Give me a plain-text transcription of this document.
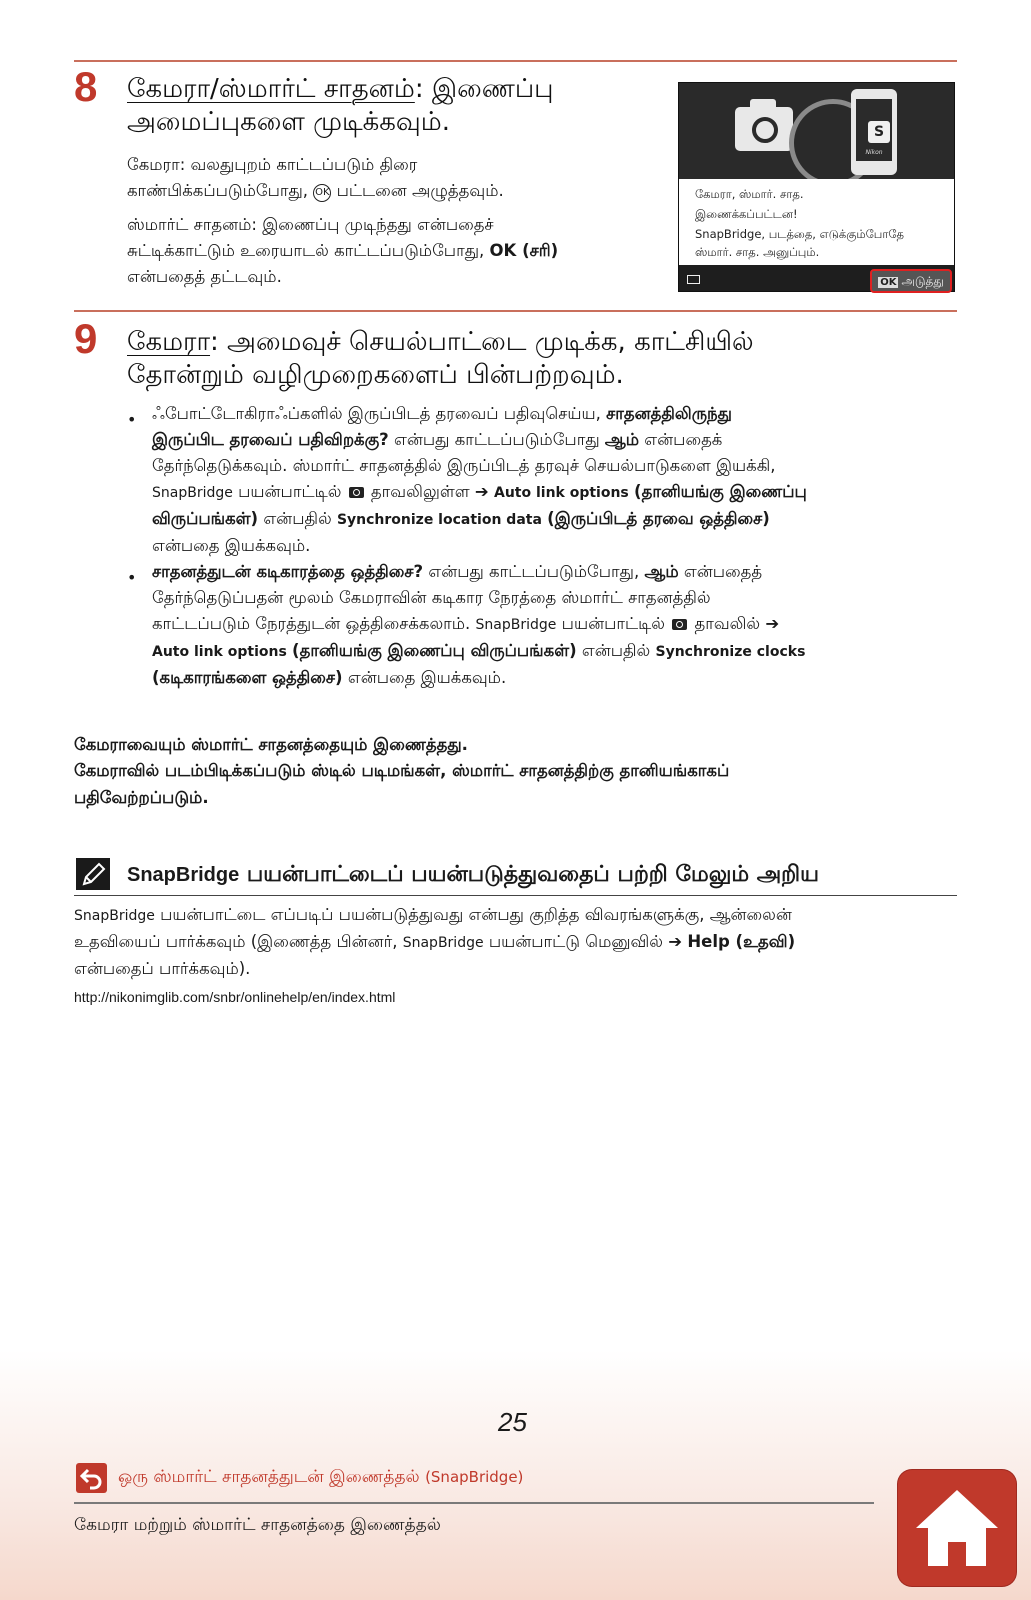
8 கேமரா/ஸ்மார்ட் சாதனம்: இணைப்பு
அமைப்புகளை முடிக்கவும்.
கேமரா: வலதுபுறம் காட்டப்படும் திரை
காண்பிக்கப்படும்போது, OK பட்டனை அழுத்தவும்.
ஸ்மார்ட் சாதனம்: இணைப்பு முடிந்தது என்பதைச்
சுட்டிக்காட்டும் உரையாடல் காட்டப்படும்போது, OK (சரி)
என்பதைத் தட்டவும்.
S
Nikon
கேமரா, ஸ்மார். சாத.
இணைக்கப்பட்டன!
SnapBridge, படத்தை, எடுக்கும்போதே
ஸ்மார். சாத. அனுப்பும்.
OK அடுத்து
9 கேமரா: அமைவுச் செயல்பாட்டை முடிக்க, காட்சியில்
தோன்றும் வழிமுறைகளைப் பின்பற்றவும்.
• ஃபோட்டோகிராஃப்களில் இருப்பிடத் தரவைப் பதிவுசெய்ய, சாதனத்திலிருந்து
இருப்பிட தரவைப் பதிவிறக்கு? என்பது காட்டப்படும்போது ஆம் என்பதைக்
தேர்ந்தெடுக்கவும். ஸ்மார்ட் சாதனத்தில் இருப்பிடத் தரவுச் செயல்பாடுகளை இயக்கி,
SnapBridge பயன்பாட்டில் தாவலிலுள்ள ➔ Auto link options (தானியங்கு இணைப்பு
விருப்பங்கள்) என்பதில் Synchronize location data (இருப்பிடத் தரவை ஒத்திசை)
என்பதை இயக்கவும்.
• சாதனத்துடன் கடிகாரத்தை ஒத்திசை? என்பது காட்டப்படும்போது, ஆம் என்பதைத்
தேர்ந்தெடுப்பதன் மூலம் கேமராவின் கடிகார நேரத்தை ஸ்மார்ட் சாதனத்தில்
காட்டப்படும் நேரத்துடன் ஒத்திசைக்கலாம். SnapBridge பயன்பாட்டில் தாவலில் ➔
Auto link options (தானியங்கு இணைப்பு விருப்பங்கள்) என்பதில் Synchronize clocks
(கடிகாரங்களை ஒத்திசை) என்பதை இயக்கவும்.
கேமராவையும் ஸ்மார்ட் சாதனத்தையும் இணைத்தது.
கேமராவில் படம்பிடிக்கப்படும் ஸ்டில் படிமங்கள், ஸ்மார்ட் சாதனத்திற்கு தானியங்காகப்
பதிவேற்றப்படும்.
SnapBridge பயன்பாட்டைப் பயன்படுத்துவதைப் பற்றி மேலும் அறிய
SnapBridge பயன்பாட்டை எப்படிப் பயன்படுத்துவது என்பது குறித்த விவரங்களுக்கு, ஆன்லைன்
உதவியைப் பார்க்கவும் (இணைத்த பின்னர், SnapBridge பயன்பாட்டு மெனுவில் ➔ Help (உதவி)
என்பதைப் பார்க்கவும்).
http://nikonimglib.com/snbr/onlinehelp/en/index.html
25
ஒரு ஸ்மார்ட் சாதனத்துடன் இணைத்தல் (SnapBridge)
கேமரா மற்றும் ஸ்மார்ட் சாதனத்தை இணைத்தல்
